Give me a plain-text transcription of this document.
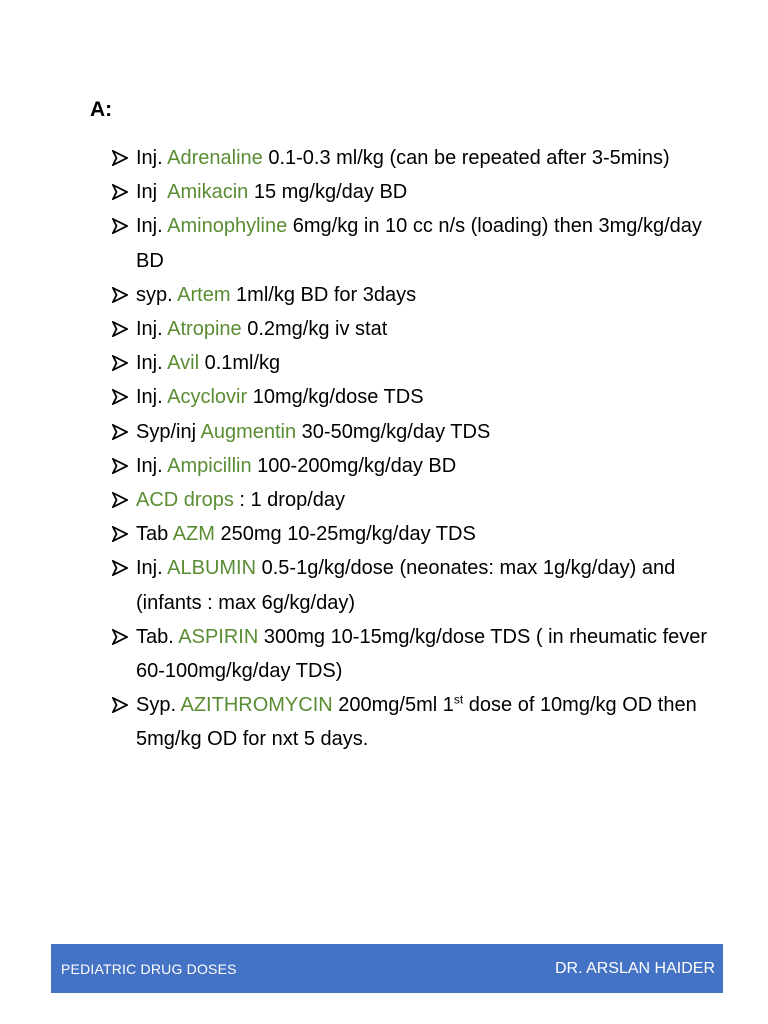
A:
Inj. Adrenaline 0.1-0.3 ml/kg (can be repeated after 3-5mins)
Inj  Amikacin 15 mg/kg/day BD
Inj. Aminophyline 6mg/kg in 10 cc n/s (loading) then 3mg/kg/day BD
syp. Artem 1ml/kg BD for 3days
Inj. Atropine 0.2mg/kg iv stat
Inj. Avil 0.1ml/kg
Inj. Acyclovir 10mg/kg/dose TDS
Syp/inj Augmentin 30-50mg/kg/day TDS
Inj. Ampicillin 100-200mg/kg/day BD
ACD drops : 1 drop/day
Tab AZM 250mg 10-25mg/kg/day TDS
Inj. ALBUMIN 0.5-1g/kg/dose (neonates: max 1g/kg/day) and (infants : max 6g/kg/day)
Tab. ASPIRIN 300mg 10-15mg/kg/dose TDS ( in rheumatic fever 60-100mg/kg/day TDS)
Syp. AZITHROMYCIN 200mg/5ml 1st dose of 10mg/kg OD then 5mg/kg OD for nxt 5 days.
PEDIATRIC DRUG DOSES	DR. ARSLAN HAIDER
